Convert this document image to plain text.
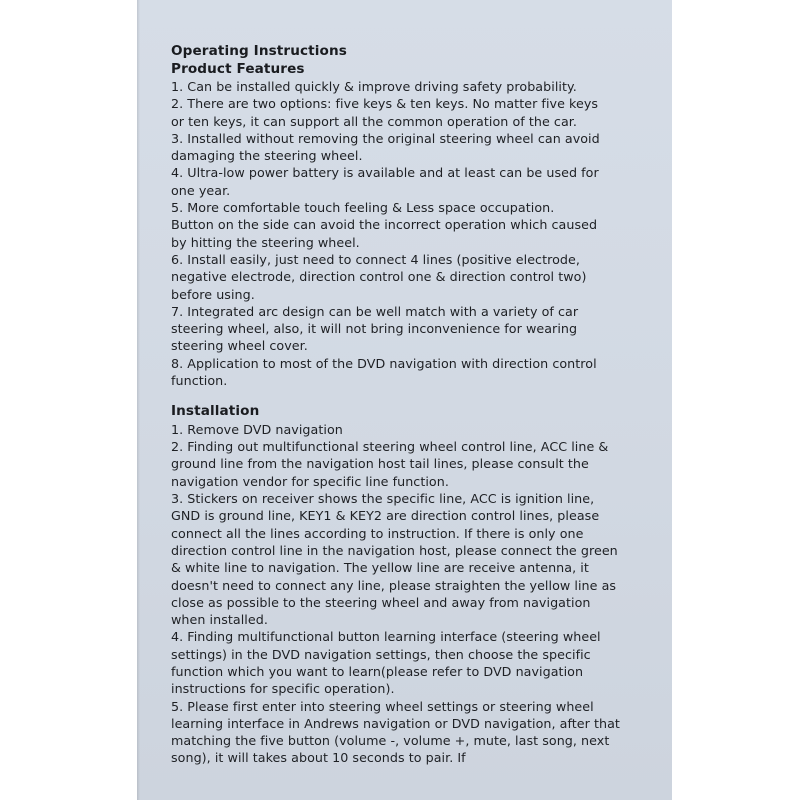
Operating Instructions
Product Features
1. Can be installed quickly & improve driving safety probability.
2. There are two options: five keys & ten keys. No matter five keys
or ten keys, it can support all the common operation of the car.
3. Installed without removing the original steering wheel can avoid
damaging the steering wheel.
4. Ultra-low power battery is available and at least can be used for
one year.
5. More comfortable touch feeling & Less space occupation.
Button on the side can avoid the incorrect operation which caused
by hitting the steering wheel.
6. Install easily, just need to connect 4 lines (positive electrode,
negative electrode, direction control one & direction control two)
before using.
7. Integrated arc design can be well match with a variety of car
steering wheel, also, it will not bring inconvenience for wearing
steering wheel cover.
8. Application to most of the DVD navigation with direction control
function.
Installation
1. Remove DVD navigation
2. Finding out multifunctional steering wheel control line, ACC line &
ground line from the navigation host tail lines, please consult the
navigation vendor for specific line function.
3. Stickers on receiver shows the specific line, ACC is ignition line,
GND is ground line, KEY1 & KEY2 are direction control lines, please
connect all the lines according to instruction. If there is only one
direction control line in the navigation host, please connect the green
& white line to navigation. The yellow line are receive antenna, it
doesn't need to connect any line, please straighten the yellow line as
close as possible to the steering wheel and away from navigation
when installed.
4. Finding multifunctional button learning interface (steering wheel
settings) in the DVD navigation settings, then choose the specific
function which you want to learn(please refer to DVD navigation
instructions for specific operation).
5. Please first enter into steering wheel settings or steering wheel
learning interface in Andrews navigation or DVD navigation, after that
matching the five button (volume -, volume +, mute, last song, next
song), it will takes about 10 seconds to pair. If
